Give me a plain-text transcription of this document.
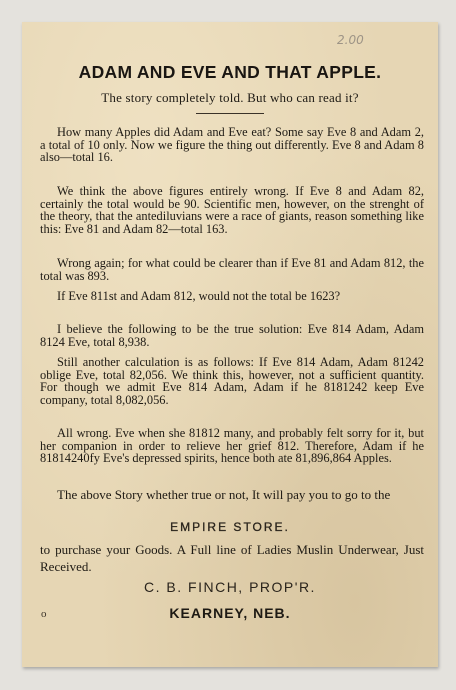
2.00
ADAM AND EVE AND THAT APPLE.
The story completely told. But who can read it?
How many Apples did Adam and Eve eat? Some say Eve 8 and Adam 2, a total of 10 only. Now we figure the thing out differently. Eve 8 and Adam 8 also—total 16.
We think the above figures entirely wrong. If Eve 8 and Adam 82, certainly the total would be 90. Scientific men, however, on the strenght of the theory, that the antediluvians were a race of giants, reason something like this: Eve 81 and Adam 82—total 163.
Wrong again; for what could be clearer than if Eve 81 and Adam 812, the total was 893.
If Eve 811st and Adam 812, would not the total be 1623?
I believe the following to be the true solution: Eve 814 Adam, Adam 8124 Eve, total 8,938.
Still another calculation is as follows: If Eve 814 Adam, Adam 81242 oblige Eve, total 82,056. We think this, however, not a sufficient quantity. For though we admit Eve 814 Adam, Adam if he 8181242 keep Eve company, total 8,082,056.
All wrong. Eve when she 81812 many, and probably felt sorry for it, but her companion in order to relieve her grief 812. Therefore, Adam if he 81814240fy Eve's depressed spirits, hence both ate 81,896,864 Apples.
The above Story whether true or not, It will pay you to go to the
EMPIRE STORE.
to purchase your Goods. A Full line of Ladies Muslin Underwear, Just Received.
C. B. FINCH, PROP'R.
KEARNEY, NEB.
o
